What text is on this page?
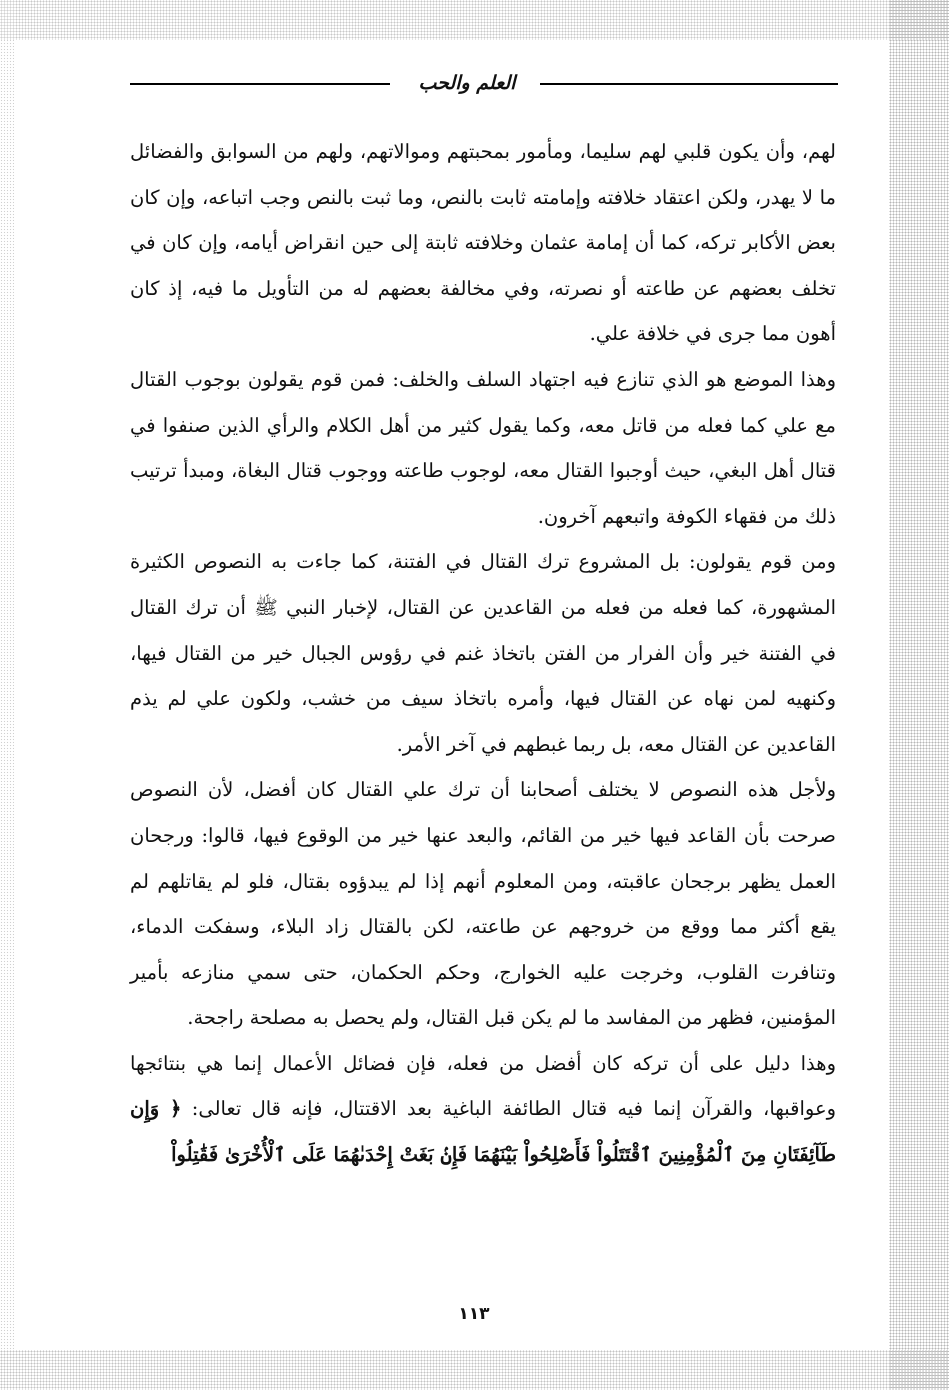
العلم والحب

لهم، وأن يكون قلبي لهم سليما، ومأمور بمحبتهم وموالاتهم، ولهم من السوابق والفضائل ما لا يهدر، ولكن اعتقاد خلافته وإمامته ثابت بالنص، وما ثبت بالنص وجب اتباعه، وإن كان بعض الأكابر تركه، كما أن إمامة عثمان وخلافته ثابتة إلى حين انقراض أيامه، وإن كان في تخلف بعضهم عن طاعته أو نصرته، وفي مخالفة بعضهم له من التأويل ما فيه، إذ كان أهون مما جرى في خلافة علي.

وهذا الموضع هو الذي تنازع فيه اجتهاد السلف والخلف: فمن قوم يقولون بوجوب القتال مع علي كما فعله من قاتل معه، وكما يقول كثير من أهل الكلام والرأي الذين صنفوا في قتال أهل البغي، حيث أوجبوا القتال معه، لوجوب طاعته ووجوب قتال البغاة، ومبدأ ترتيب ذلك من فقهاء الكوفة واتبعهم آخرون.

ومن قوم يقولون: بل المشروع ترك القتال في الفتنة، كما جاءت به النصوص الكثيرة المشهورة، كما فعله من فعله من القاعدين عن القتال، لإخبار النبي ﷺ أن ترك القتال في الفتنة خير وأن الفرار من الفتن باتخاذ غنم في رؤوس الجبال خير من القتال فيها، وكنهيه لمن نهاه عن القتال فيها، وأمره باتخاذ سيف من خشب، ولكون علي لم يذم القاعدين عن القتال معه، بل ربما غبطهم في آخر الأمر.

ولأجل هذه النصوص لا يختلف أصحابنا أن ترك علي القتال كان أفضل، لأن النصوص صرحت بأن القاعد فيها خير من القائم، والبعد عنها خير من الوقوع فيها، قالوا: ورجحان العمل يظهر برجحان عاقبته، ومن المعلوم أنهم إذا لم يبدؤوه بقتال، فلو لم يقاتلهم لم يقع أكثر مما ووقع من خروجهم عن طاعته، لكن بالقتال زاد البلاء، وسفكت الدماء، وتنافرت القلوب، وخرجت عليه الخوارج، وحكم الحكمان، حتى سمي منازعه بأمير المؤمنين، فظهر من المفاسد ما لم يكن قبل القتال، ولم يحصل به مصلحة راجحة.

وهذا دليل على أن تركه كان أفضل من فعله، فإن فضائل الأعمال إنما هي بنتائجها وعواقبها، والقرآن إنما فيه قتال الطائفة الباغية بعد الاقتتال، فإنه قال تعالى: ﴿ وَإِن طَآئِفَتَانِ مِنَ ٱلْمُؤْمِنِينَ ٱقْتَتَلُواْ فَأَصْلِحُواْ بَيْنَهُمَا فَإِنۢ بَغَتْ إِحْدَىٰهُمَا عَلَى ٱلْأُخْرَىٰ فَقَٰتِلُواْ

١١٣
